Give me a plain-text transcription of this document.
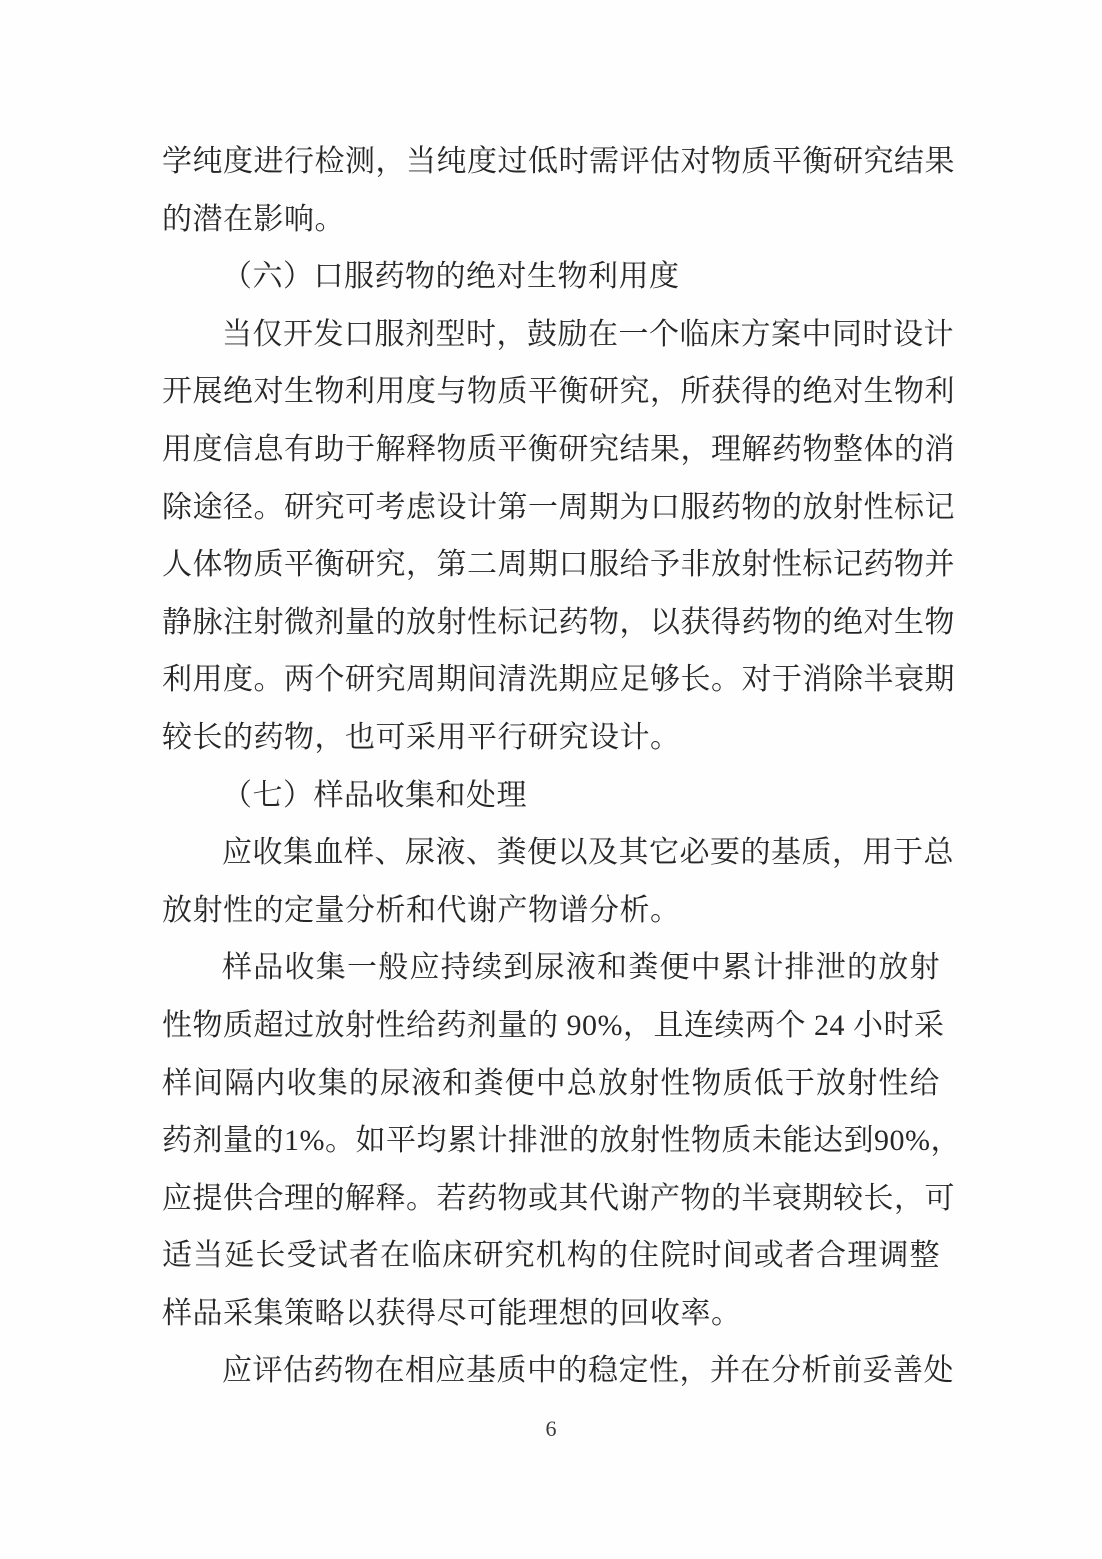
学纯度进行检测，当纯度过低时需评估对物质平衡研究结果
的潜在影响。
（六）口服药物的绝对生物利用度
当仅开发口服剂型时，鼓励在一个临床方案中同时设计
开展绝对生物利用度与物质平衡研究，所获得的绝对生物利
用度信息有助于解释物质平衡研究结果，理解药物整体的消
除途径。研究可考虑设计第一周期为口服药物的放射性标记
人体物质平衡研究，第二周期口服给予非放射性标记药物并
静脉注射微剂量的放射性标记药物，以获得药物的绝对生物
利用度。两个研究周期间清洗期应足够长。对于消除半衰期
较长的药物，也可采用平行研究设计。
（七）样品收集和处理
应收集血样、尿液、粪便以及其它必要的基质，用于总
放射性的定量分析和代谢产物谱分析。
样品收集一般应持续到尿液和粪便中累计排泄的放射
性物质超过放射性给药剂量的 90%，且连续两个 24 小时采
样间隔内收集的尿液和粪便中总放射性物质低于放射性给
药剂量的1%。如平均累计排泄的放射性物质未能达到90%，
应提供合理的解释。若药物或其代谢产物的半衰期较长，可
适当延长受试者在临床研究机构的住院时间或者合理调整
样品采集策略以获得尽可能理想的回收率。
应评估药物在相应基质中的稳定性，并在分析前妥善处
6
